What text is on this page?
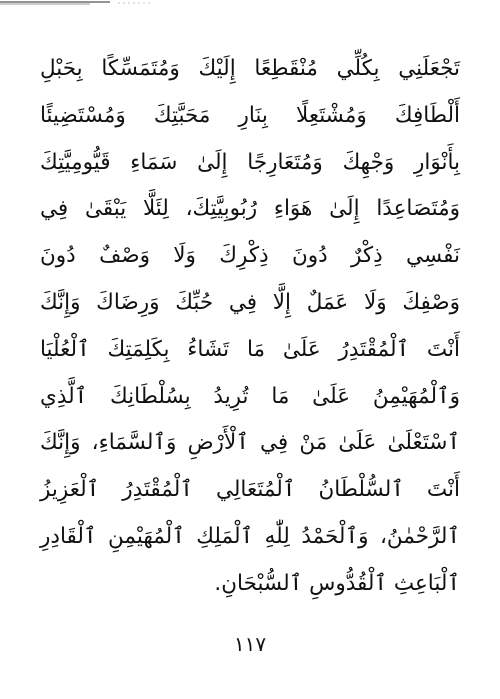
تَجْعَلَنِي بِكُلِّي مُنْقَطِعًا إِلَيْكَ وَمُتَمَسِّكًا بِحَبْلِ
أَلْطَافِكَ وَمُشْتَعِلًا بِنَارِ مَحَبَّتِكَ وَمُسْتَضِيئًا
بِأَنْوَارِ وَجْهِكَ وَمُتَعَارِجًا إِلَىٰ سَمَاءِ قَيُّومِيَّتِكَ
وَمُتَصَاعِدًا إِلَىٰ هَوَاءِ رُبُوبِيَّتِكَ، لِئَلَّا يَبْقَىٰ فِي
نَفْسِي ذِكْرٌ دُونَ ذِكْرِكَ وَلَا وَصْفٌ دُونَ
وَصْفِكَ وَلَا عَمَلٌ إِلَّا فِي حُبِّكَ وَرِضَاكَ وَإِنَّكَ
أَنْتَ ٱلْمُقْتَدِرُ عَلَىٰ مَا تَشَاءُ بِكَلِمَتِكَ ٱلْعُلْيَا
وَٱلْمُهَيْمِنُ عَلَىٰ مَا تُرِيدُ بِسُلْطَانِكَ ٱلَّذِي
ٱسْتَعْلَىٰ عَلَىٰ مَنْ فِي ٱلْأَرْضِ وَٱلسَّمَاءِ، وَإِنَّكَ
أَنْتَ ٱلسُّلْطَانُ ٱلْمُتَعَالِي ٱلْمُقْتَدِرُ ٱلْعَزِيزُ
ٱلرَّحْمٰنُ، وَٱلْحَمْدُ لِلّٰهِ ٱلْمَلِكِ ٱلْمُهَيْمِنِ ٱلْقَادِرِ
ٱلْبَاعِثِ ٱلْقُدُّوسِ ٱلسُّبْحَانِ.
١١٧
